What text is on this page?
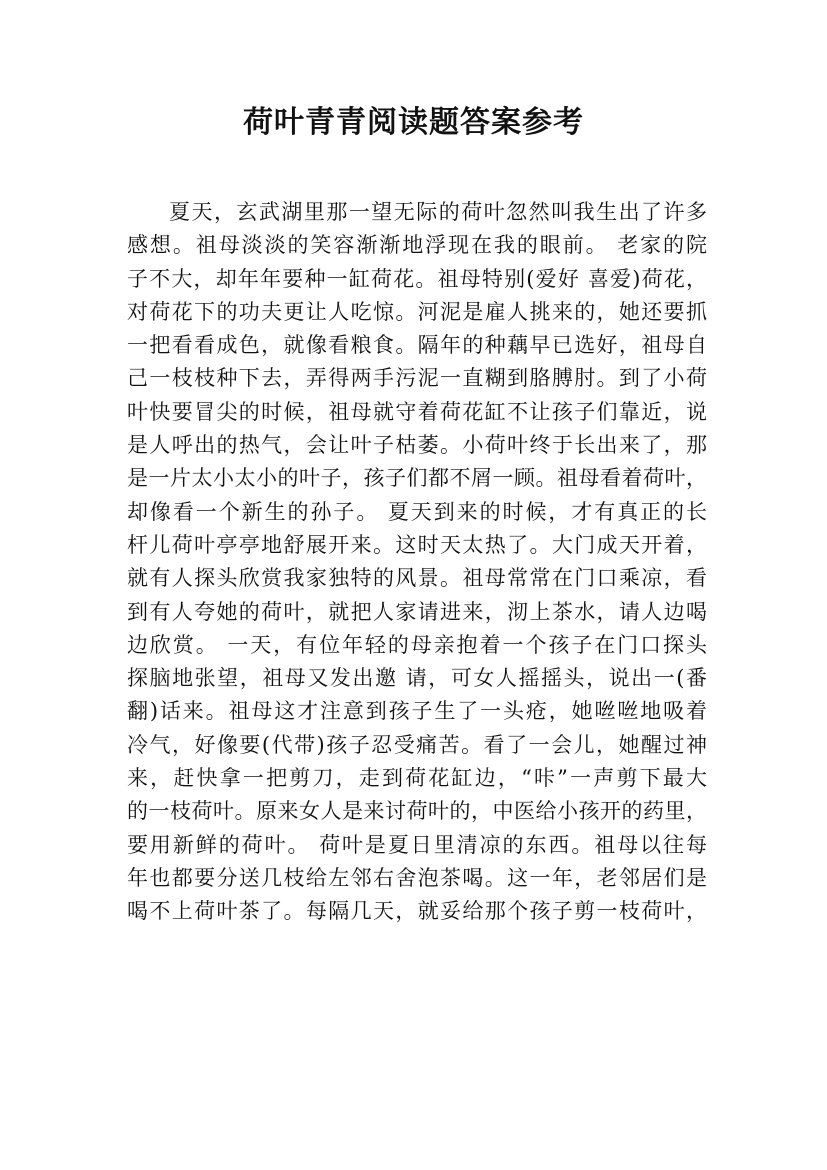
荷叶青青阅读题答案参考
夏天，玄武湖里那一望无际的荷叶忽然叫我生出了许多
感想。祖母淡淡的笑容渐渐地浮现在我的眼前。 老家的院
子不大，却年年要种一缸荷花。祖母特别(爱好 喜爱)荷花，
对荷花下的功夫更让人吃惊。河泥是雇人挑来的，她还要抓
一把看看成色，就像看粮食。隔年的种藕早已选好，祖母自
己一枝枝种下去，弄得两手污泥一直糊到胳膊肘。到了小荷
叶快要冒尖的时候，祖母就守着荷花缸不让孩子们靠近，说
是人呼出的热气，会让叶子枯萎。小荷叶终于长出来了，那
是一片太小太小的叶子，孩子们都不屑一顾。祖母看着荷叶，
却像看一个新生的孙子。 夏天到来的时候，才有真正的长
杆儿荷叶亭亭地舒展开来。这时天太热了。大门成天开着，
就有人探头欣赏我家独特的风景。祖母常常在门口乘凉，看
到有人夸她的荷叶，就把人家请进来，沏上茶水，请人边喝
边欣赏。 一天，有位年轻的母亲抱着一个孩子在门口探头
探脑地张望，祖母又发出邀 请，可女人摇摇头，说出一(番
翻)话来。祖母这才注意到孩子生了一头疮，她咝咝地吸着
冷气，好像要(代带)孩子忍受痛苦。看了一会儿，她醒过神
来，赶快拿一把剪刀，走到荷花缸边，“咔”一声剪下最大
的一枝荷叶。原来女人是来讨荷叶的，中医给小孩开的药里，
要用新鲜的荷叶。 荷叶是夏日里清凉的东西。祖母以往每
年也都要分送几枝给左邻右舍泡茶喝。这一年，老邻居们是
喝不上荷叶茶了。每隔几天，就妥给那个孩子剪一枝荷叶，
